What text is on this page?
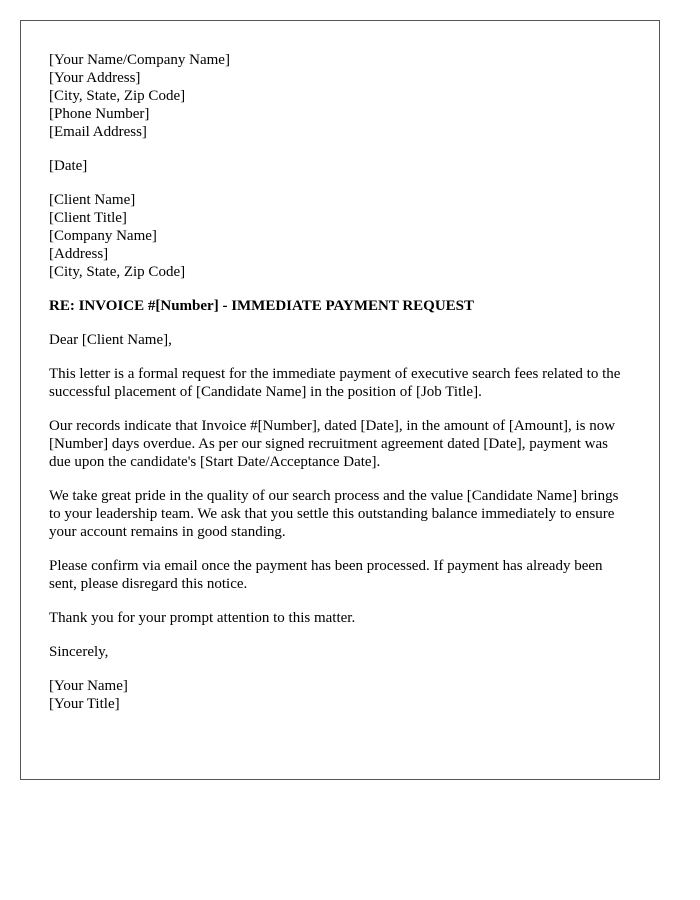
[Your Name/Company Name]
[Your Address]
[City, State, Zip Code]
[Phone Number]
[Email Address]
[Date]
[Client Name]
[Client Title]
[Company Name]
[Address]
[City, State, Zip Code]
RE: INVOICE #[Number] - IMMEDIATE PAYMENT REQUEST

Dear [Client Name],

This letter is a formal request for the immediate payment of executive search fees related to the successful placement of [Candidate Name] in the position of [Job Title].

Our records indicate that Invoice #[Number], dated [Date], in the amount of [Amount], is now [Number] days overdue. As per our signed recruitment agreement dated [Date], payment was due upon the candidate's [Start Date/Acceptance Date].

We take great pride in the quality of our search process and the value [Candidate Name] brings to your leadership team. We ask that you settle this outstanding balance immediately to ensure your account remains in good standing.

Please confirm via email once the payment has been processed. If payment has already been sent, please disregard this notice.

Thank you for your prompt attention to this matter.

Sincerely,

[Your Name]
[Your Title]
